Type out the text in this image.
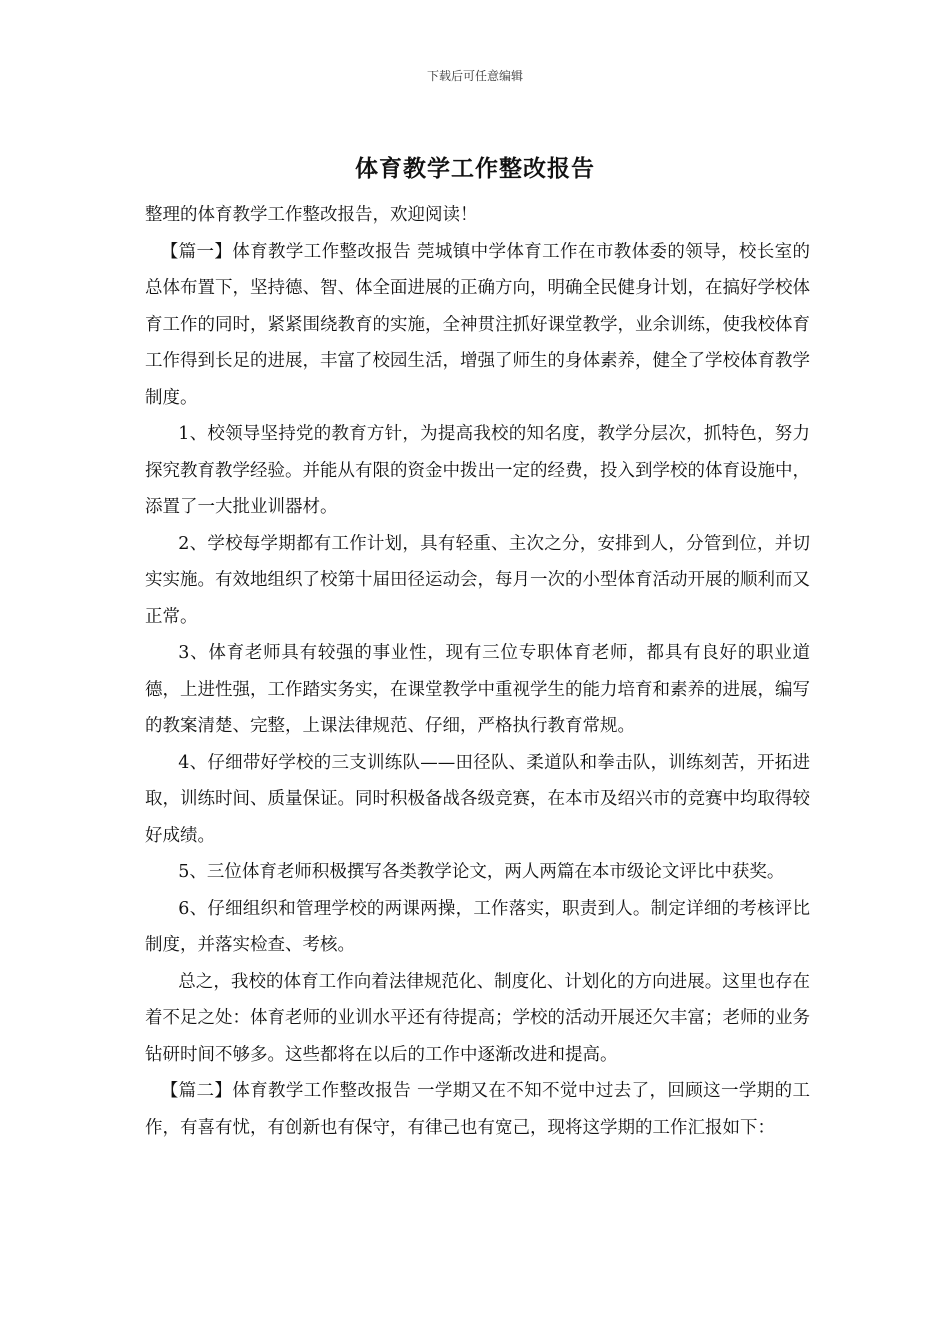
下载后可任意编辑
体育教学工作整改报告

整理的体育教学工作整改报告，欢迎阅读！

【篇一】体育教学工作整改报告 莞城镇中学体育工作在市教体委的领导，校长室的总体布置下，坚持德、智、体全面进展的正确方向，明确全民健身计划，在搞好学校体育工作的同时，紧紧围绕教育的实施，全神贯注抓好课堂教学，业余训练，使我校体育工作得到长足的进展，丰富了校园生活，增强了师生的身体素养，健全了学校体育教学制度。

1、校领导坚持党的教育方针，为提高我校的知名度，教学分层次，抓特色，努力探究教育教学经验。并能从有限的资金中拨出一定的经费，投入到学校的体育设施中，添置了一大批业训器材。

2、学校每学期都有工作计划，具有轻重、主次之分，安排到人，分管到位，并切实实施。有效地组织了校第十届田径运动会，每月一次的小型体育活动开展的顺利而又正常。

3、体育老师具有较强的事业性，现有三位专职体育老师，都具有良好的职业道德，上进性强，工作踏实务实，在课堂教学中重视学生的能力培育和素养的进展，编写的教案清楚、完整，上课法律规范、仔细，严格执行教育常规。

4、仔细带好学校的三支训练队——田径队、柔道队和拳击队，训练刻苦，开拓进取，训练时间、质量保证。同时积极备战各级竞赛，在本市及绍兴市的竞赛中均取得较好成绩。

5、三位体育老师积极撰写各类教学论文，两人两篇在本市级论文评比中获奖。

6、仔细组织和管理学校的两课两操，工作落实，职责到人。制定详细的考核评比制度，并落实检查、考核。

总之，我校的体育工作向着法律规范化、制度化、计划化的方向进展。这里也存在着不足之处：体育老师的业训水平还有待提高；学校的活动开展还欠丰富；老师的业务钻研时间不够多。这些都将在以后的工作中逐渐改进和提高。

【篇二】体育教学工作整改报告 一学期又在不知不觉中过去了，回顾这一学期的工作，有喜有忧，有创新也有保守，有律己也有宽己，现将这学期的工作汇报如下：
